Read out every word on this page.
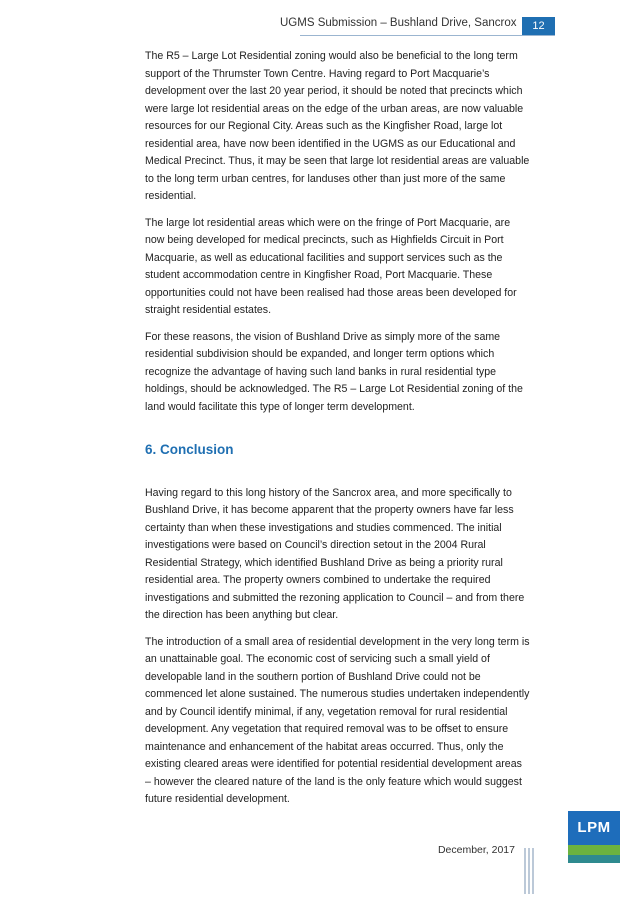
UGMS Submission – Bushland Drive, Sancrox	12

The R5 – Large Lot Residential zoning would also be beneficial to the long term support of the Thrumster Town Centre. Having regard to Port Macquarie’s development over the last 20 year period, it should be noted that precincts which were large lot residential areas on the edge of the urban areas, are now valuable resources for our Regional City. Areas such as the Kingfisher Road, large lot residential area, have now been identified in the UGMS as our Educational and Medical Precinct. Thus, it may be seen that large lot residential areas are valuable to the long term urban centres, for landuses other than just more of the same residential.

The large lot residential areas which were on the fringe of Port Macquarie, are now being developed for medical precincts, such as Highfields Circuit in Port Macquarie, as well as educational facilities and support services such as the student accommodation centre in Kingfisher Road, Port Macquarie. These opportunities could not have been realised had those areas been developed for straight residential estates.

For these reasons, the vision of Bushland Drive as simply more of the same residential subdivision should be expanded, and longer term options which recognize the advantage of having such land banks in rural residential type holdings, should be acknowledged. The R5 – Large Lot Residential zoning of the land would facilitate this type of longer term development.

6. Conclusion

Having regard to this long history of the Sancrox area, and more specifically to Bushland Drive, it has become apparent that the property owners have far less certainty than when these investigations and studies commenced. The initial investigations were based on Council’s direction setout in the 2004 Rural Residential Strategy, which identified Bushland Drive as being a priority rural residential area. The property owners combined to undertake the required investigations and submitted the rezoning application to Council – and from there the direction has been anything but clear.

The introduction of a small area of residential development in the very long term is an unattainable goal. The economic cost of servicing such a small yield of developable land in the southern portion of Bushland Drive could not be commenced let alone sustained. The numerous studies undertaken independently and by Council identify minimal, if any, vegetation removal for rural residential development. Any vegetation that required removal was to be offset to ensure maintenance and enhancement of the habitat areas occurred. Thus, only the existing cleared areas were identified for potential residential development areas – however the cleared nature of the land is the only feature which would suggest future residential development.

December, 2017
LPM
